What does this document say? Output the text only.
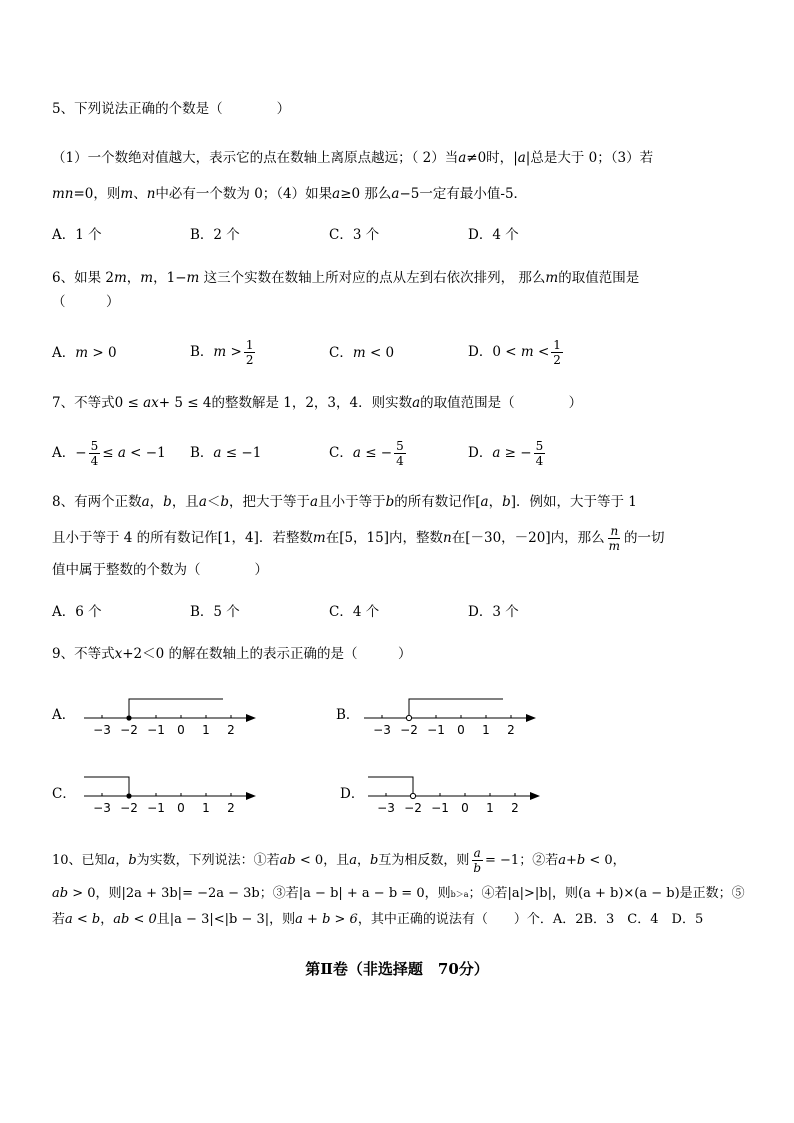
5、下列说法正确的个数是（　　　　）
（1）一个数绝对值越大，表示它的点在数轴上离原点越远；（ 2）当a≠0时，|a|总是大于 0；（3）若
mn=0，则m、n中必有一个数为 0；（4）如果a≥0 那么a−5一定有最小值-5．
A．1 个	B．2 个	C．3 个	D．4 个
6、如果 2m，m，1−m 这三个实数在数轴上所对应的点从左到右依次排列， 那么m的取值范围是
（　　　）
A．m > 0	B．$m > \frac{1}{2}$	C．m < 0	D．$0 < m < \frac{1}{2}$
7、不等式0 ≤ ax+ 5 ≤ 4的整数解是 1，2，3，4．则实数a的取值范围是（　　　　）
A．− $\frac{5}{4} \le a < -1$ B．a ≤ −1	C．a ≤ − $\frac{5}{4}$	D．a ≥ − $\frac{5}{4}$
8、有两个正数a，b，且a＜b，把大于等于a且小于等于b的所有数记作[a，b]．例如，大于等于 1
且小于等于 4 的所有数记作[1，4]．若整数m在[5，15]内，整数n在[－30，－20]内，那么 $\frac{n}{m}$ 的一切
值中属于整数的个数为（　　　　）
A．6 个	B．5 个	C．4 个	D．3 个
9、不等式x+2＜0 的解在数轴上的表示正确的是（　　　）
A．
−3 −2 −1 0 1 2
B．
−3 −2 −1 0 1 2
C．
−3 −2 −1 0 1 2
D．
−3 −2 −1 0 1 2
10、已知a，b为实数，下列说法：①若ab < 0，且a，b互为相反数，则 $\frac{a}{b} = -1$；②若a+b < 0，
ab > 0，则|2a + 3b|= −2a − 3b；③若|a − b| + a − b = 0，则b＞a；④若|a|>|b|，则(a + b)×(a − b)是正数；⑤
若a < b，ab < 0且|a − 3|<|b − 3|，则a + b > 6，其中正确的说法有（　　）个．A．2B．3　C．4　D．5
第Ⅱ卷（非选择题　70分）
